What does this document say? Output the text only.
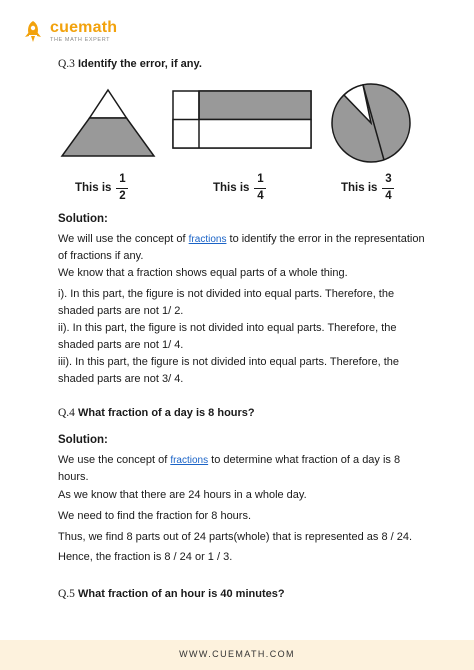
cuemath
THE MATH EXPERT
Q.3 Identify the error, if any.
This is $\frac{1}{2}$	This is $\frac{1}{4}$	This is $\frac{3}{4}$
Solution:
We will use the concept of fractions to identify the error in the representation of fractions if any.
We know that a fraction shows equal parts of a whole thing.
i). In this part, the figure is not divided into equal parts. Therefore, the shaded parts are not 1/ 2.
ii). In this part, the figure is not divided into equal parts. Therefore, the shaded parts are not 1/ 4.
iii). In this part, the figure is not divided into equal parts. Therefore, the shaded parts are not 3/ 4.
Q.4 What fraction of a day is 8 hours?
Solution:
We use the concept of fractions to determine what fraction of a day is 8 hours.
As we know that there are 24 hours in a whole day.
We need to find the fraction for 8 hours.
Thus, we find 8 parts out of 24 parts(whole) that is represented as 8 / 24.
Hence, the fraction is 8 / 24 or 1 / 3.
Q.5 What fraction of an hour is 40 minutes?
WWW.CUEMATH.COM
